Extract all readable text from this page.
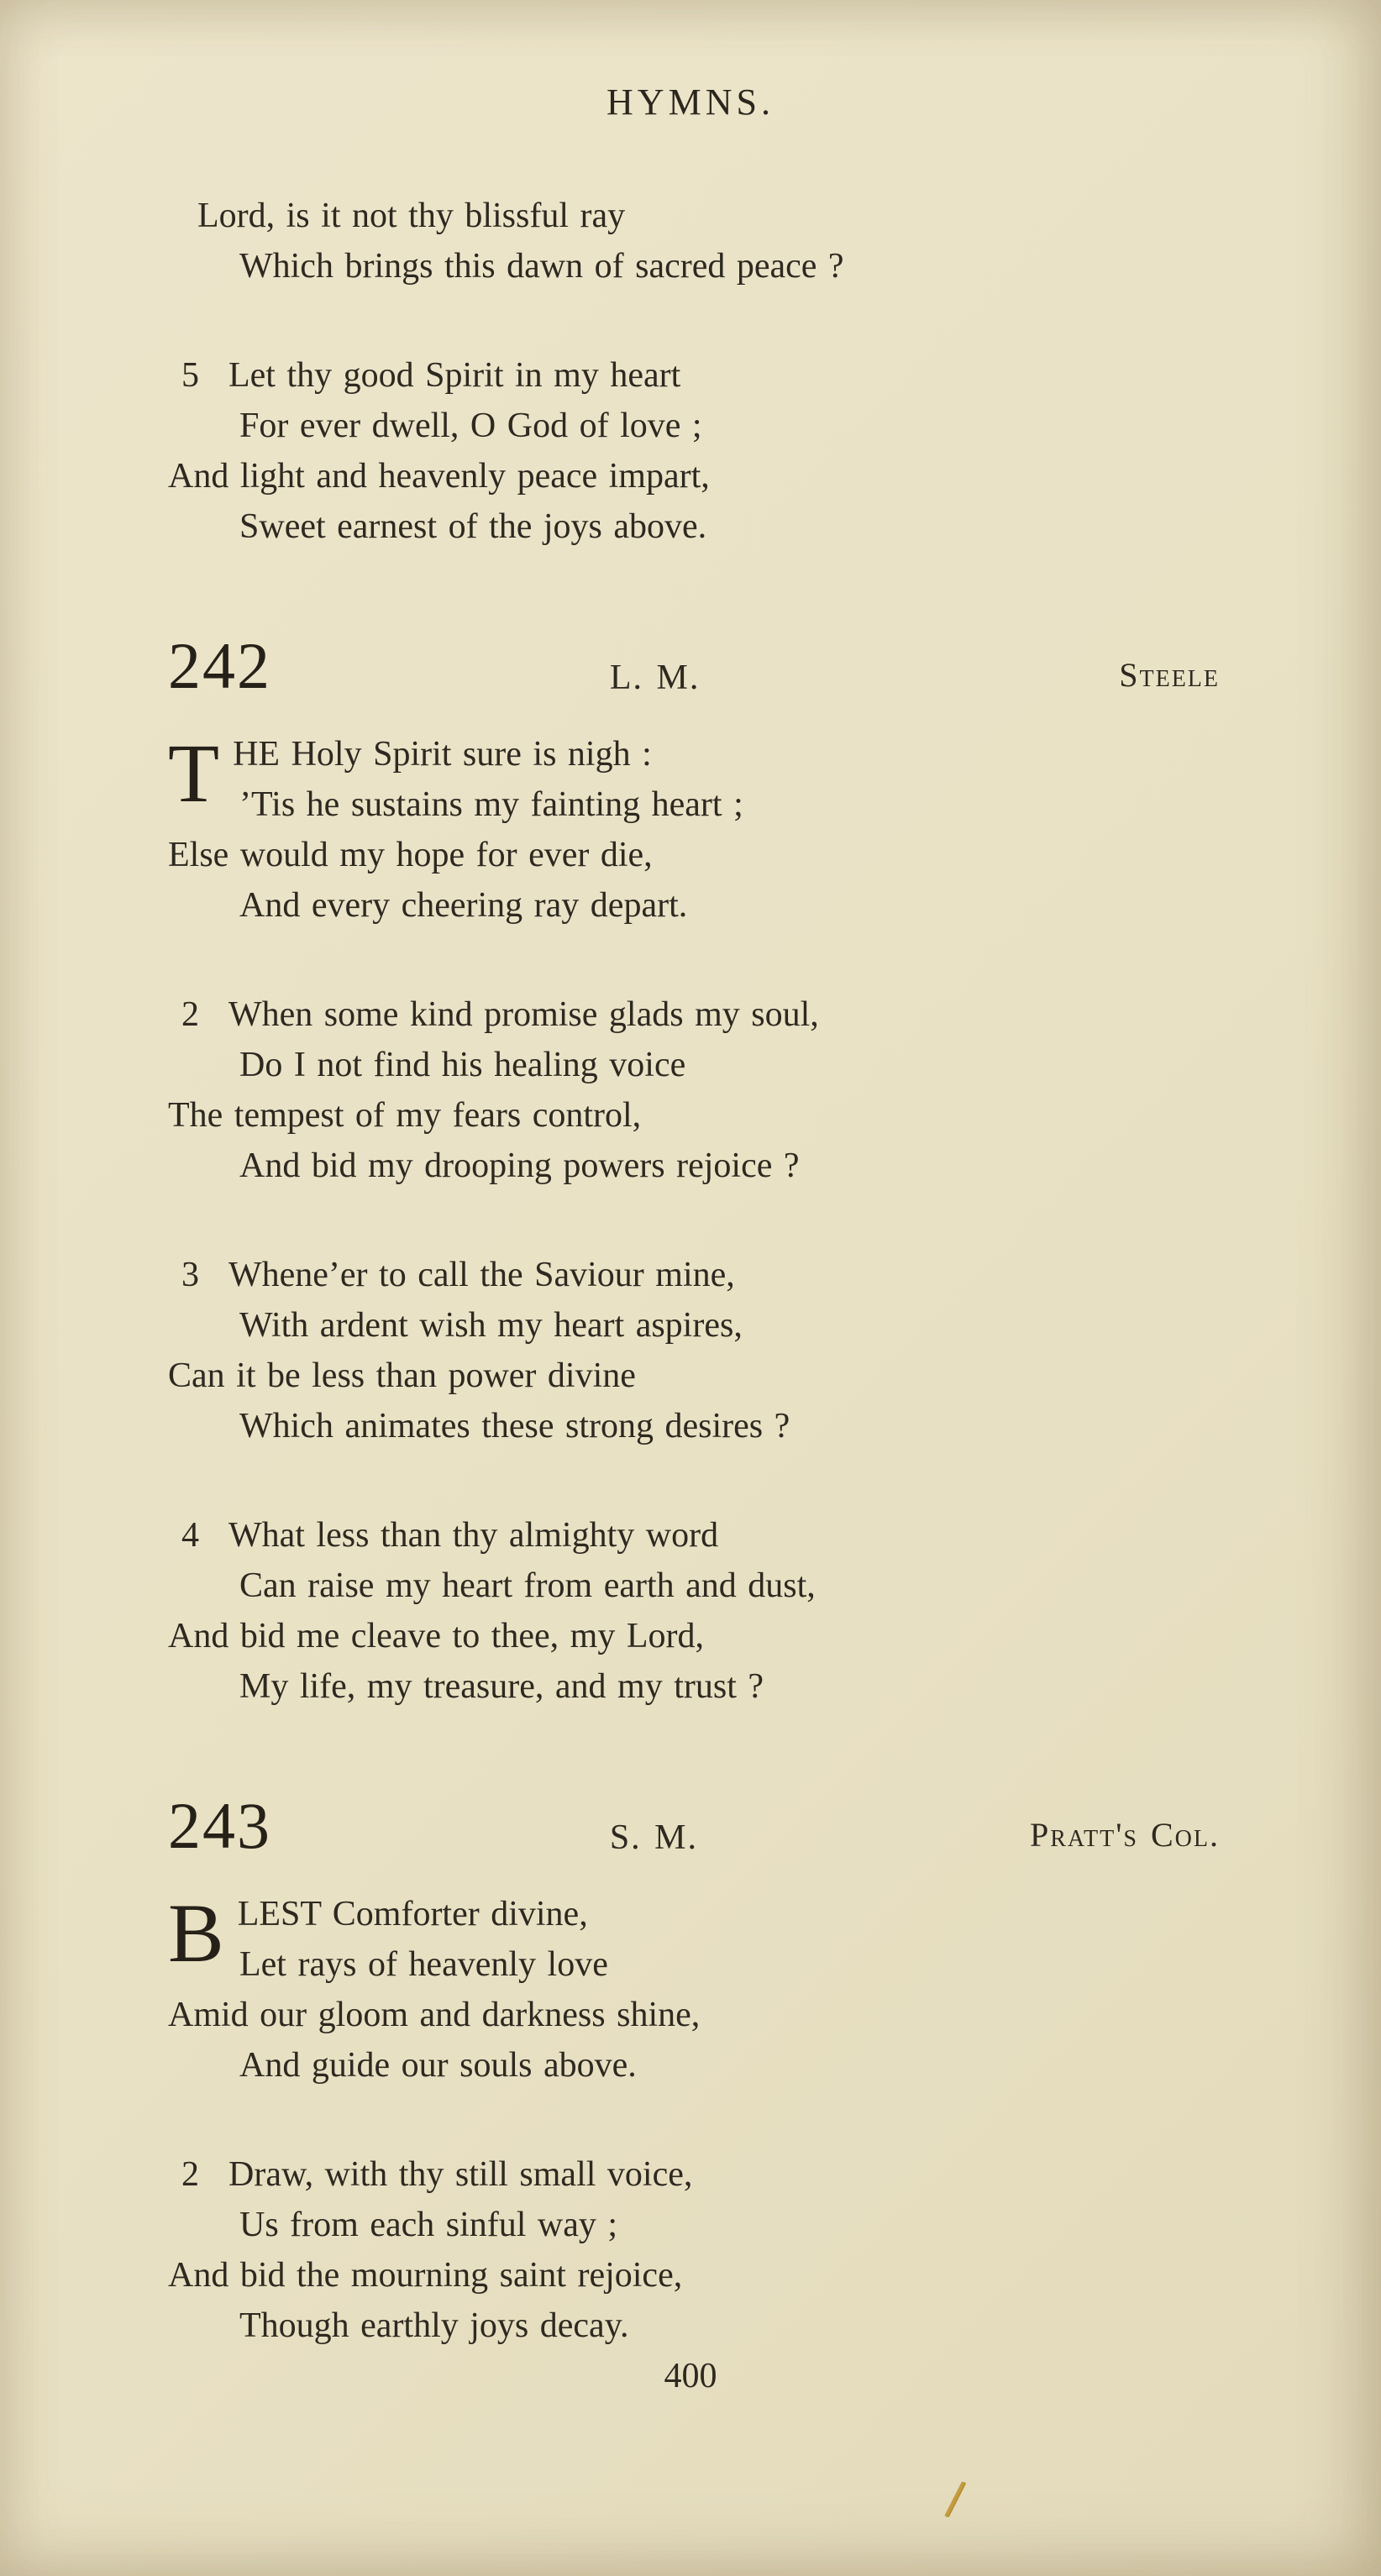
HYMNS.
Lord, is it not thy blissful ray
Which brings this dawn of sacred peace ?
5 Let thy good Spirit in my heart
For ever dwell, O God of love ;
And light and heavenly peace impart,
Sweet earnest of the joys above.
242	L. M.	Steele
T HE Holy Spirit sure is nigh :
’Tis he sustains my fainting heart ;
Else would my hope for ever die,
And every cheering ray depart.
2 When some kind promise glads my soul,
Do I not find his healing voice
The tempest of my fears control,
And bid my drooping powers rejoice ?
3 Whene’er to call the Saviour mine,
With ardent wish my heart aspires,
Can it be less than power divine
Which animates these strong desires ?
4 What less than thy almighty word
Can raise my heart from earth and dust,
And bid me cleave to thee, my Lord,
My life, my treasure, and my trust ?
243	S. M.	Pratt's Col.
B LEST Comforter divine,
Let rays of heavenly love
Amid our gloom and darkness shine,
And guide our souls above.
2 Draw, with thy still small voice,
Us from each sinful way ;
And bid the mourning saint rejoice,
Though earthly joys decay.
400
/
